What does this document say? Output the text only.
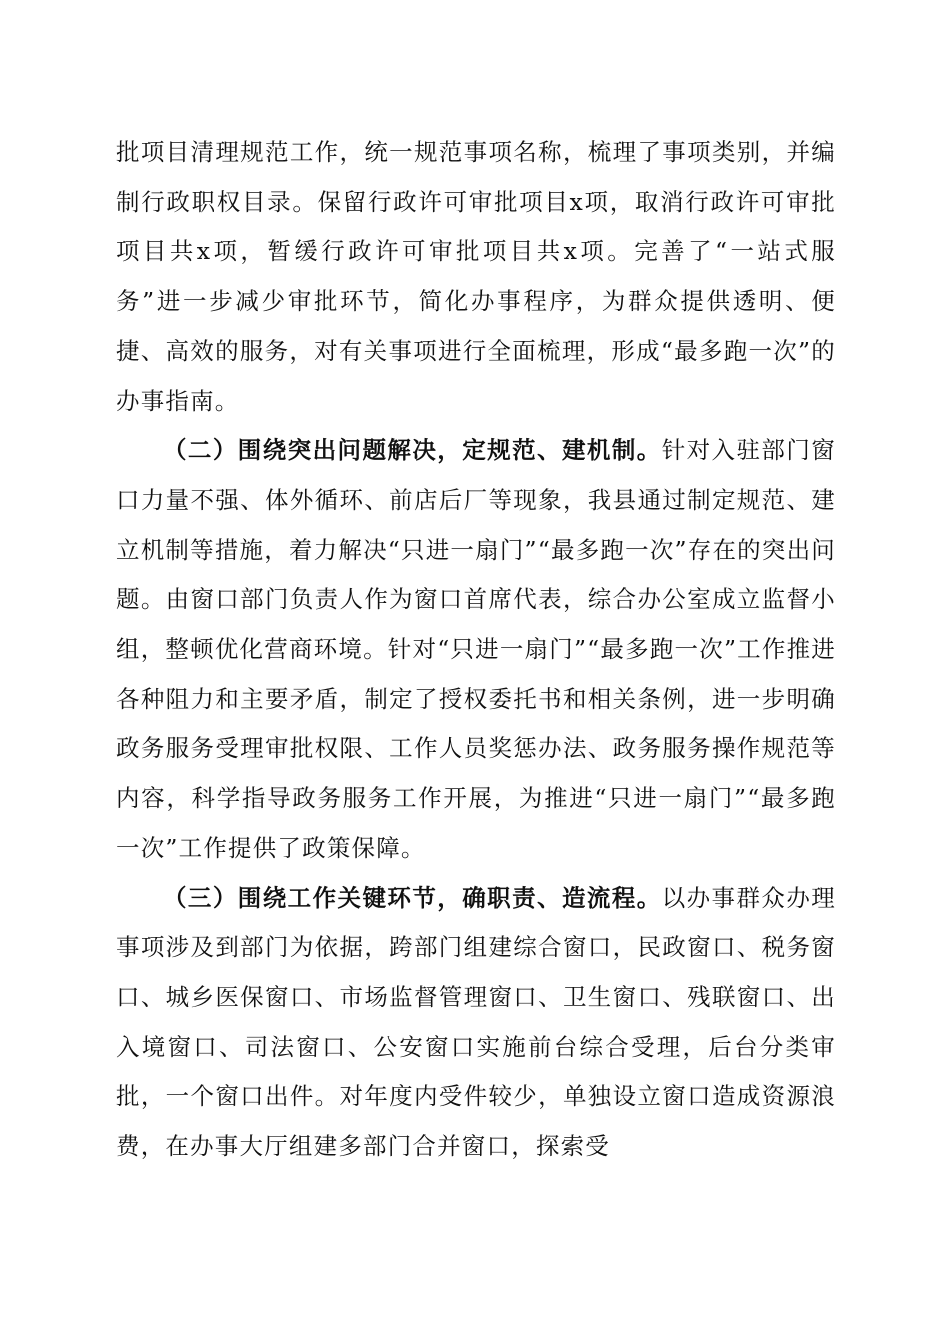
批项目清理规范工作，统一规范事项名称，梳理了事项类别，并编制行政职权目录。保留行政许可审批项目x项，取消行政许可审批项目共x项，暂缓行政许可审批项目共x项。完善了“一站式服务”进一步减少审批环节，简化办事程序，为群众提供透明、便捷、高效的服务，对有关事项进行全面梳理，形成“最多跑一次”的办事指南。

（二）围绕突出问题解决，定规范、建机制。针对入驻部门窗口力量不强、体外循环、前店后厂等现象，我县通过制定规范、建立机制等措施，着力解决“只进一扇门”“最多跑一次”存在的突出问题。由窗口部门负责人作为窗口首席代表，综合办公室成立监督小组，整顿优化营商环境。针对“只进一扇门”“最多跑一次”工作推进各种阻力和主要矛盾，制定了授权委托书和相关条例，进一步明确政务服务受理审批权限、工作人员奖惩办法、政务服务操作规范等内容，科学指导政务服务工作开展，为推进“只进一扇门”“最多跑一次”工作提供了政策保障。

（三）围绕工作关键环节，确职责、造流程。以办事群众办理事项涉及到部门为依据，跨部门组建综合窗口，民政窗口、税务窗口、城乡医保窗口、市场监督管理窗口、卫生窗口、残联窗口、出入境窗口、司法窗口、公安窗口实施前台综合受理，后台分类审批，一个窗口出件。对年度内受件较少，单独设立窗口造成资源浪费，在办事大厅组建多部门合并窗口，探索受
